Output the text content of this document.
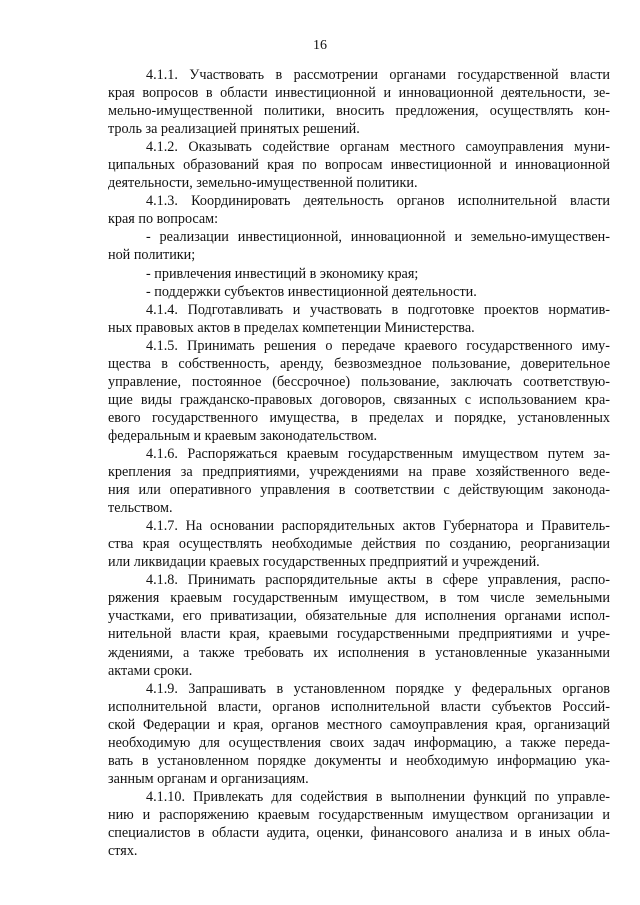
16
4.1.1. Участвовать в рассмотрении органами государственной власти
края вопросов в области инвестиционной и инновационной деятельности, зе-
мельно-имущественной политики, вносить предложения, осуществлять кон-
троль за реализацией принятых решений.
4.1.2. Оказывать содействие органам местного самоуправления муни-
ципальных образований края по вопросам инвестиционной и инновационной
деятельности, земельно-имущественной политики.
4.1.3. Координировать деятельность органов исполнительной власти
края по вопросам:
- реализации инвестиционной, инновационной и земельно-имуществен-
ной политики;
- привлечения инвестиций в экономику края;
- поддержки субъектов инвестиционной деятельности.
4.1.4. Подготавливать и участвовать в подготовке проектов норматив-
ных правовых актов в пределах компетенции Министерства.
4.1.5. Принимать решения о передаче краевого государственного иму-
щества в собственность, аренду, безвозмездное пользование, доверительное
управление, постоянное (бессрочное) пользование, заключать соответствую-
щие виды гражданско-правовых договоров, связанных с использованием кра-
евого государственного имущества, в пределах и порядке, установленных
федеральным и краевым законодательством.
4.1.6. Распоряжаться краевым государственным имуществом путем за-
крепления за предприятиями, учреждениями на праве хозяйственного веде-
ния или оперативного управления в соответствии с действующим законода-
тельством.
4.1.7. На основании распорядительных актов Губернатора и Правитель-
ства края осуществлять необходимые действия по созданию, реорганизации
или ликвидации краевых государственных предприятий и учреждений.
4.1.8. Принимать распорядительные акты в сфере управления, распо-
ряжения краевым государственным имуществом, в том числе земельными
участками, его приватизации, обязательные для исполнения органами испол-
нительной власти края, краевыми государственными предприятиями и учре-
ждениями, а также требовать их исполнения в установленные указанными
актами сроки.
4.1.9. Запрашивать в установленном порядке у федеральных органов
исполнительной власти, органов исполнительной власти субъектов Россий-
ской Федерации и края, органов местного самоуправления края, организаций
необходимую для осуществления своих задач информацию, а также переда-
вать в установленном порядке документы и необходимую информацию ука-
занным органам и организациям.
4.1.10. Привлекать для содействия в выполнении функций по управле-
нию и распоряжению краевым государственным имуществом организации и
специалистов в области аудита, оценки, финансового анализа и в иных обла-
стях.
